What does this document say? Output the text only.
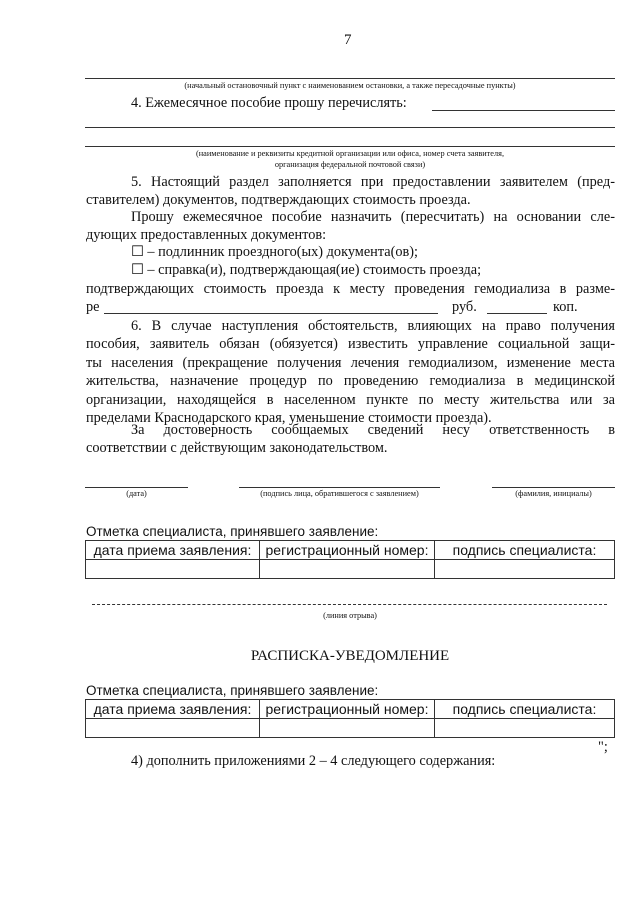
7
(начальный остановочный пункт с наименованием остановки, а также пересадочные пункты)
4. Ежемесячное пособие прошу перечислять:
(наименование и реквизиты кредитной организации или офиса, номер счета заявителя,
организация федеральной почтовой связи)
5. Настоящий раздел заполняется при предоставлении заявителем (пред-
ставителем) документов, подтверждающих стоимость проезда.
Прошу ежемесячное пособие назначить (пересчитать) на основании сле-
дующих предоставленных документов:
☐ – подлинник проездного(ых) документа(ов);
☐ – справка(и), подтверждающая(ие) стоимость проезда;
подтверждающих стоимость проезда к месту проведения гемодиализа в разме-
ре	руб.	коп.
6. В случае наступления обстоятельств, влияющих на право получения
пособия, заявитель обязан (обязуется) известить управление социальной защи-
ты населения (прекращение получения лечения гемодиализом, изменение места
жительства, назначение процедур по проведению гемодиализа в медицинской
организации, находящейся в населенном пункте по месту жительства или за
пределами Краснодарского края, уменьшение стоимости проезда).
За достоверность сообщаемых сведений несу ответственность в
соответствии с действующим законодательством.
(дата)	(подпись лица, обратившегося с заявлением)	(фамилия, инициалы)
Отметка специалиста, принявшего заявление:
дата приема заявления:	регистрационный номер:	подпись специалиста:

(линия отрыва)
РАСПИСКА-УВЕДОМЛЕНИЕ
Отметка специалиста, принявшего заявление:
дата приема заявления:	регистрационный номер:	подпись специалиста:

";
4) дополнить приложениями 2 – 4 следующего содержания:
